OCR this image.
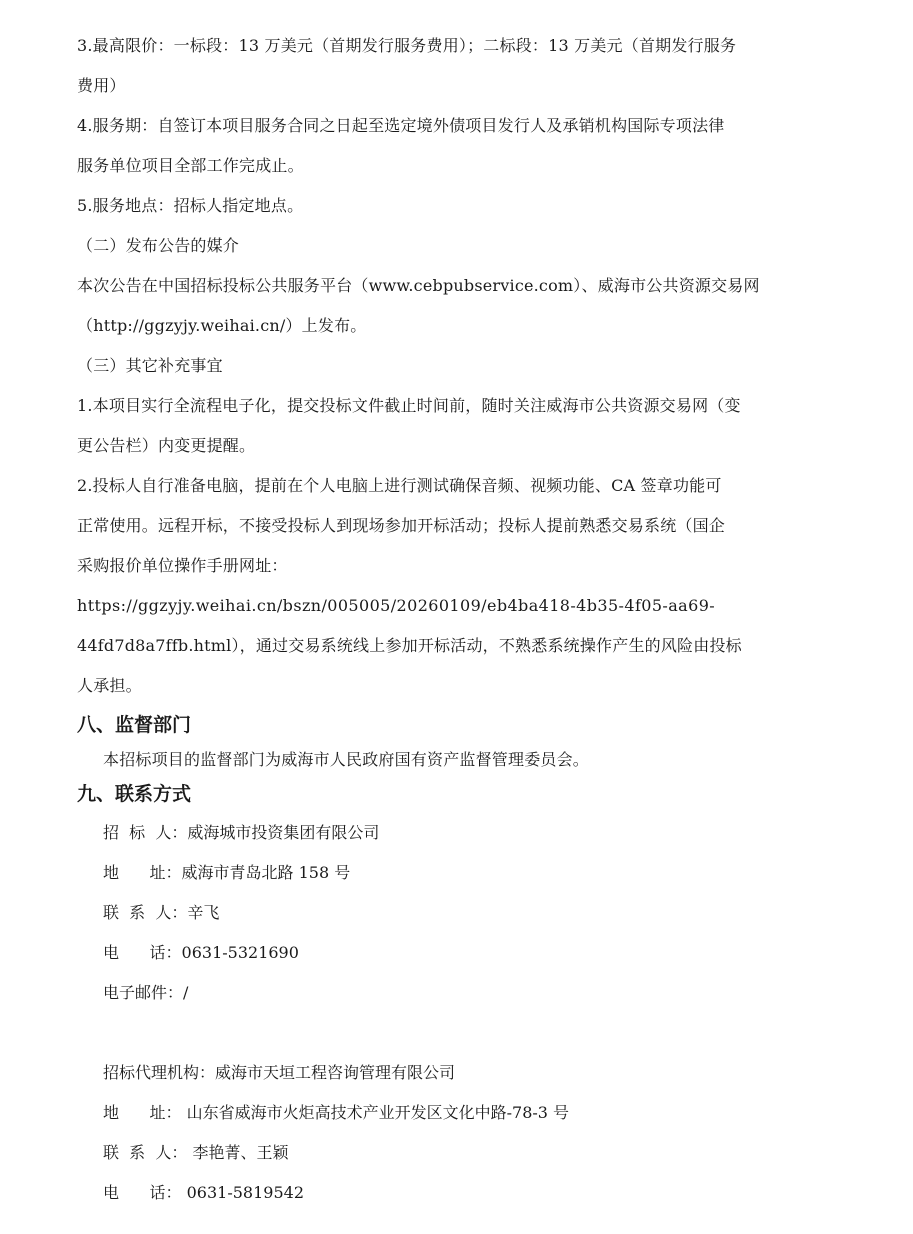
3.最高限价：一标段：13 万美元（首期发行服务费用）；二标段：13 万美元（首期发行服务
费用）
4.服务期：自签订本项目服务合同之日起至选定境外债项目发行人及承销机构国际专项法律
服务单位项目全部工作完成止。
5.服务地点：招标人指定地点。
（二）发布公告的媒介
本次公告在中国招标投标公共服务平台（www.cebpubservice.com）、威海市公共资源交易网
（http://ggzyjy.weihai.cn/）上发布。
（三）其它补充事宜
1.本项目实行全流程电子化，提交投标文件截止时间前，随时关注威海市公共资源交易网（变
更公告栏）内变更提醒。
2.投标人自行准备电脑，提前在个人电脑上进行测试确保音频、视频功能、CA 签章功能可
正常使用。远程开标，不接受投标人到现场参加开标活动；投标人提前熟悉交易系统（国企
采购报价单位操作手册网址：
https://ggzyjy.weihai.cn/bszn/005005/20260109/eb4ba418-4b35-4f05-aa69-
44fd7d8a7ffb.html），通过交易系统线上参加开标活动，不熟悉系统操作产生的风险由投标
人承担。
八、监督部门
本招标项目的监督部门为威海市人民政府国有资产监督管理委员会。
九、联系方式
招  标  人：威海城市投资集团有限公司
地      址：威海市青岛北路 158 号
联  系  人：辛飞
电      话：0631-5321690
电子邮件：/
招标代理机构：威海市天垣工程咨询管理有限公司
地      址： 山东省威海市火炬高技术产业开发区文化中路-78-3 号
联  系  人： 李艳菁、王颖
电      话： 0631-5819542
